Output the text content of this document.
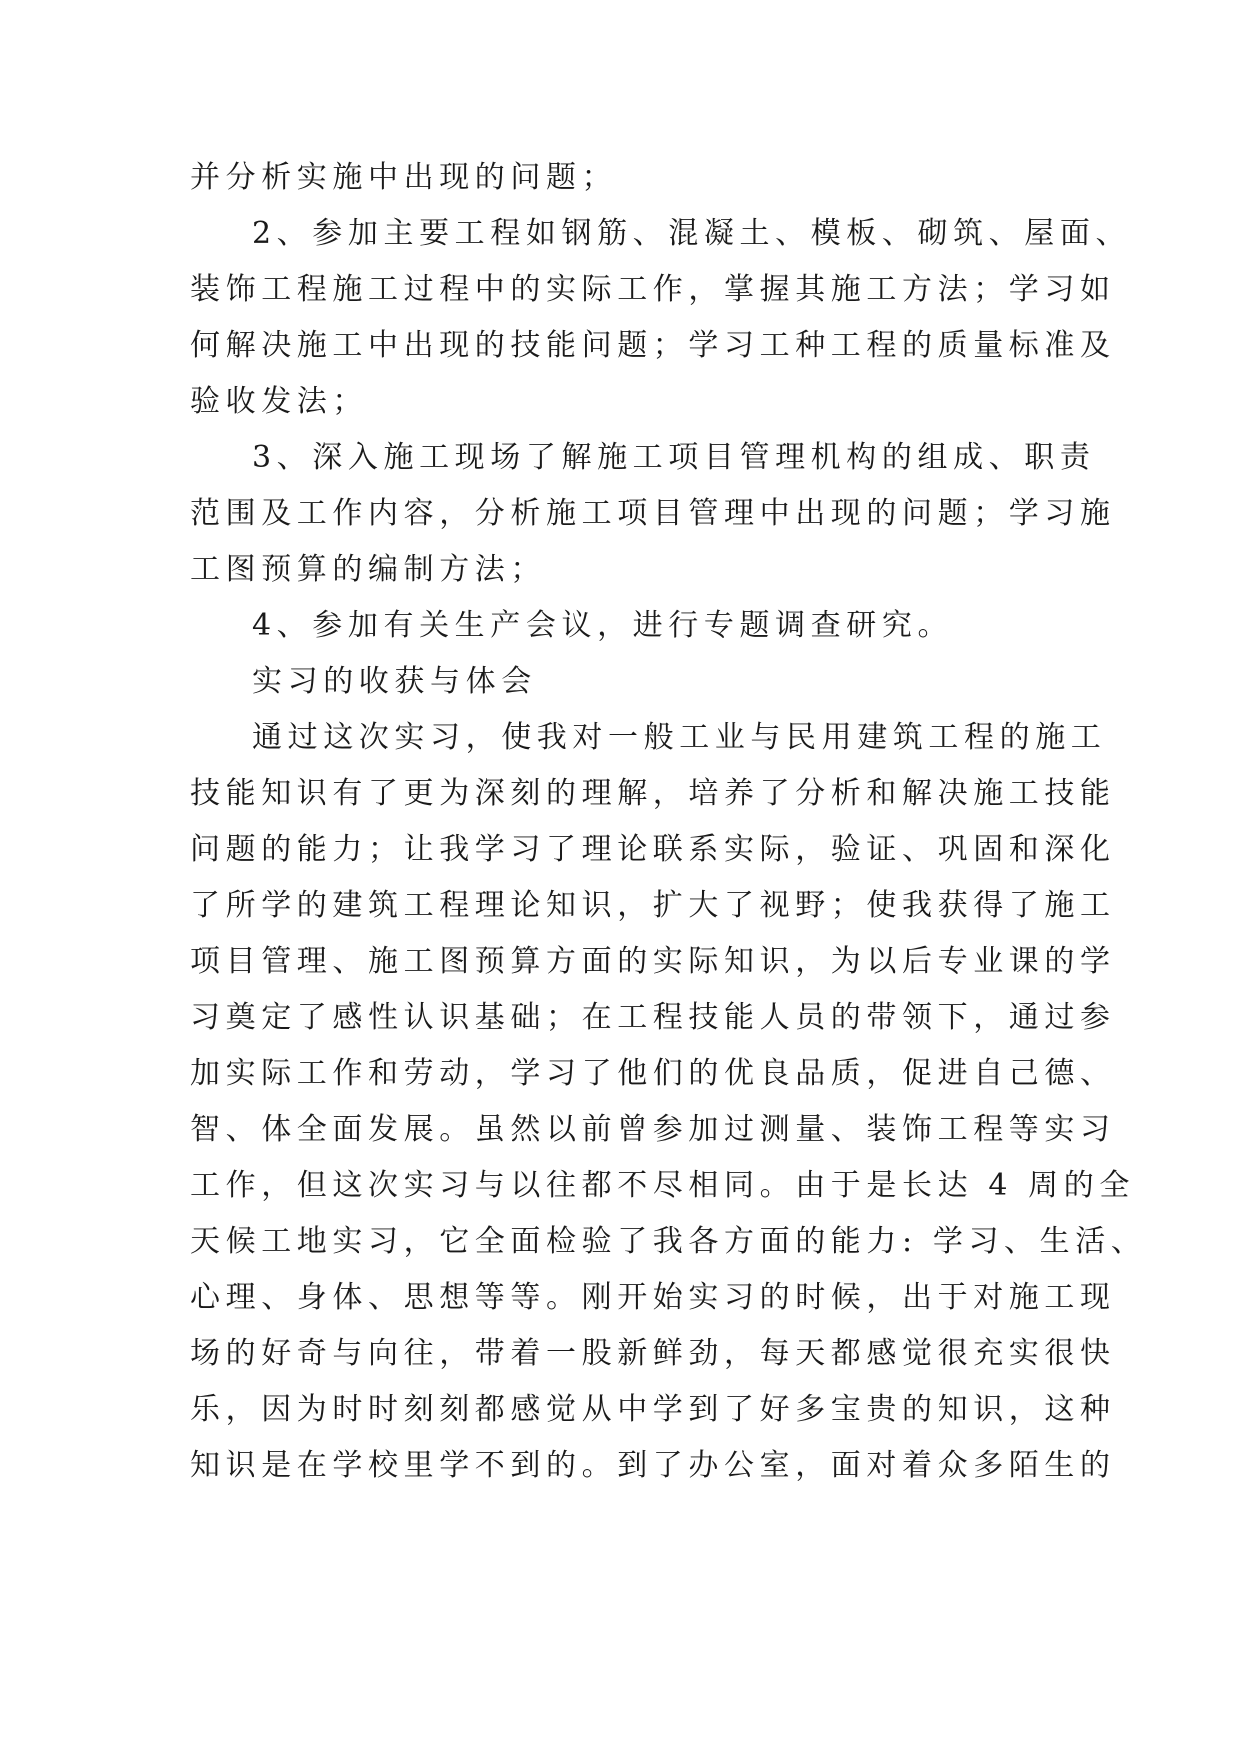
并分析实施中出现的问题；
2、参加主要工程如钢筋、混凝土、模板、砌筑、屋面、
装饰工程施工过程中的实际工作，掌握其施工方法；学习如
何解决施工中出现的技能问题；学习工种工程的质量标准及
验收发法；
3、深入施工现场了解施工项目管理机构的组成、职责
范围及工作内容，分析施工项目管理中出现的问题；学习施
工图预算的编制方法；
4、参加有关生产会议，进行专题调查研究。
实习的收获与体会
通过这次实习，使我对一般工业与民用建筑工程的施工
技能知识有了更为深刻的理解，培养了分析和解决施工技能
问题的能力；让我学习了理论联系实际，验证、巩固和深化
了所学的建筑工程理论知识，扩大了视野；使我获得了施工
项目管理、施工图预算方面的实际知识，为以后专业课的学
习奠定了感性认识基础；在工程技能人员的带领下，通过参
加实际工作和劳动，学习了他们的优良品质，促进自己德、
智、体全面发展。虽然以前曾参加过测量、装饰工程等实习
工作，但这次实习与以往都不尽相同。由于是长达 4 周的全
天候工地实习，它全面检验了我各方面的能力: 学习、生活、
心理、身体、思想等等。刚开始实习的时候，出于对施工现
场的好奇与向往，带着一股新鲜劲，每天都感觉很充实很快
乐，因为时时刻刻都感觉从中学到了好多宝贵的知识，这种
知识是在学校里学不到的。到了办公室，面对着众多陌生的
